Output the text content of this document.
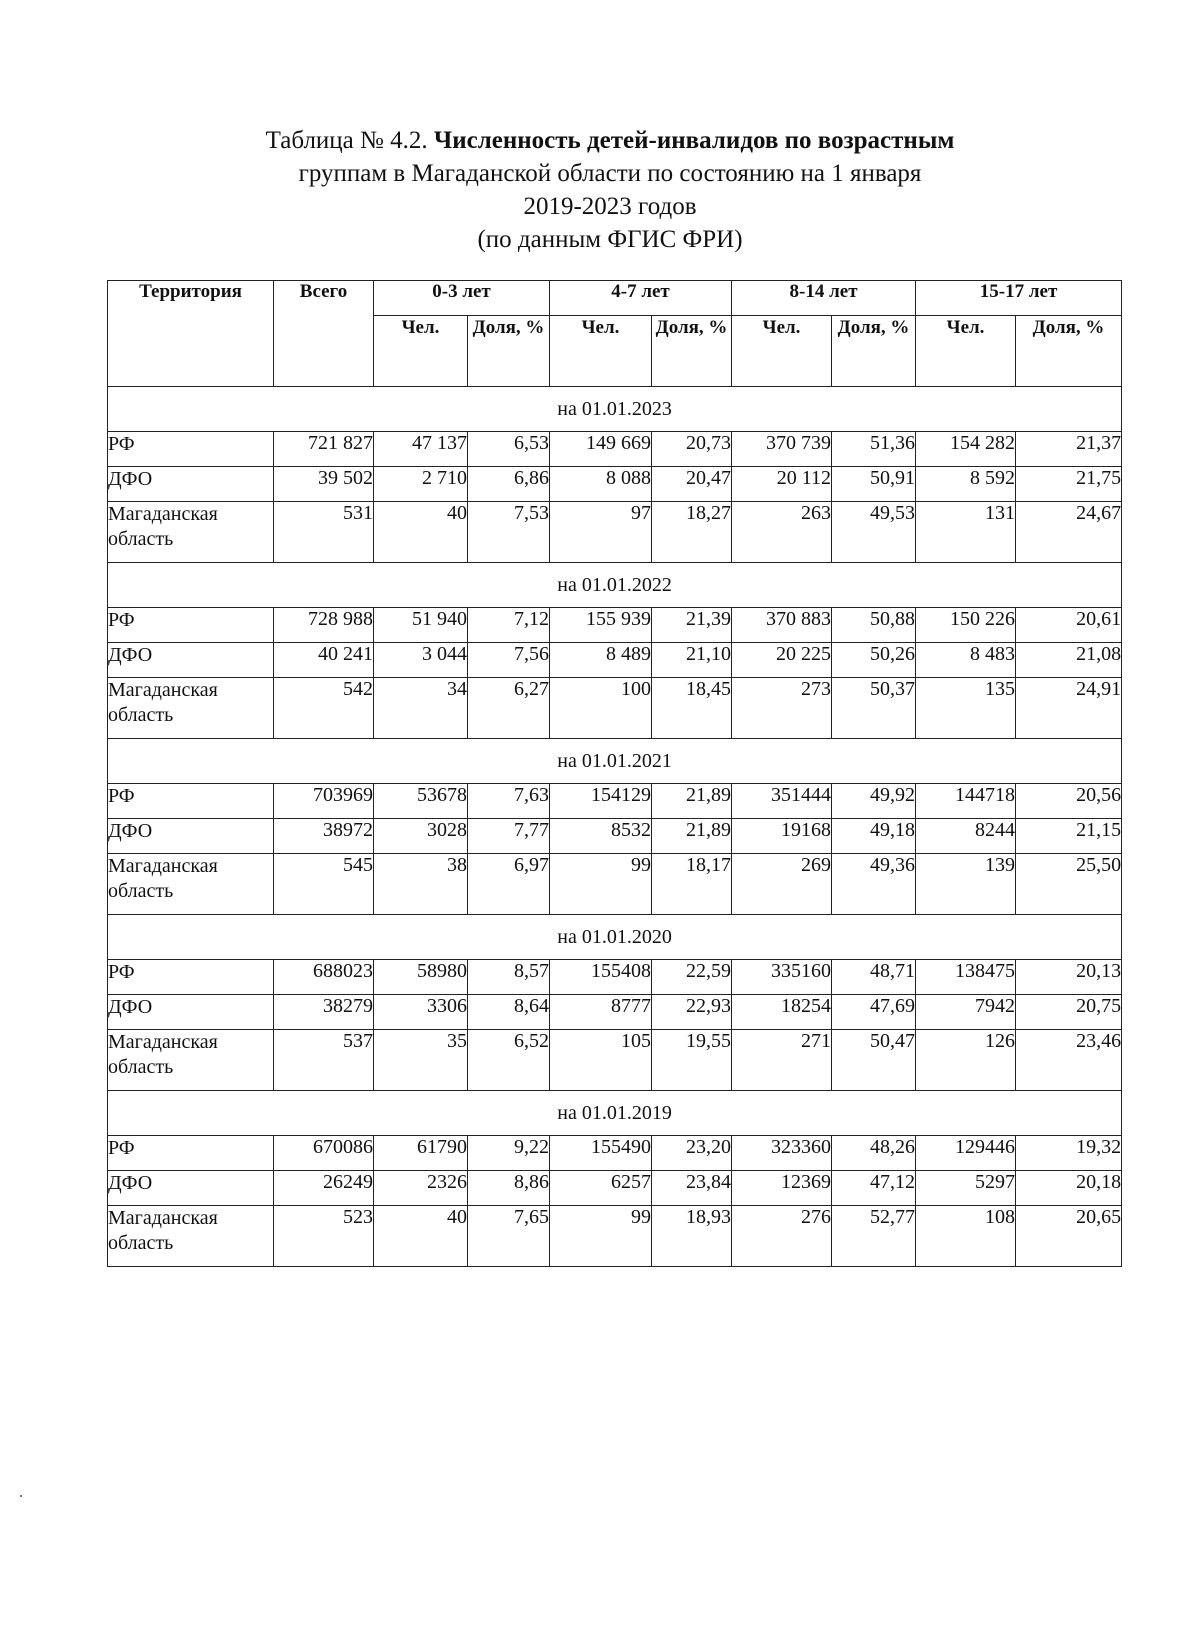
Таблица № 4.2. Численность детей-инвалидов по возрастным
группам в Магаданской области по состоянию на 1 января
2019-2023 годов
(по данным ФГИС ФРИ)
Территория	Всего	0-3 лет		4-7 лет		8-14 лет		15-17 лет	
		Чел.	Доля, %	Чел.	Доля, %	Чел.	Доля, %	Чел.	Доля, %
на 01.01.2023									
РФ	721 827	47 137	6,53	149 669	20,73	370 739	51,36	154 282	21,37
ДФО	39 502	2 710	6,86	8 088	20,47	20 112	50,91	8 592	21,75
Магаданская область	531	40	7,53	97	18,27	263	49,53	131	24,67
на 01.01.2022									
РФ	728 988	51 940	7,12	155 939	21,39	370 883	50,88	150 226	20,61
ДФО	40 241	3 044	7,56	8 489	21,10	20 225	50,26	8 483	21,08
Магаданская область	542	34	6,27	100	18,45	273	50,37	135	24,91
на 01.01.2021									
РФ	703969	53678	7,63	154129	21,89	351444	49,92	144718	20,56
ДФО	38972	3028	7,77	8532	21,89	19168	49,18	8244	21,15
Магаданская область	545	38	6,97	99	18,17	269	49,36	139	25,50
на 01.01.2020									
РФ	688023	58980	8,57	155408	22,59	335160	48,71	138475	20,13
ДФО	38279	3306	8,64	8777	22,93	18254	47,69	7942	20,75
Магаданская область	537	35	6,52	105	19,55	271	50,47	126	23,46
на 01.01.2019									
РФ	670086	61790	9,22	155490	23,20	323360	48,26	129446	19,32
ДФО	26249	2326	8,86	6257	23,84	12369	47,12	5297	20,18
Магаданская область	523	40	7,65	99	18,93	276	52,77	108	20,65
